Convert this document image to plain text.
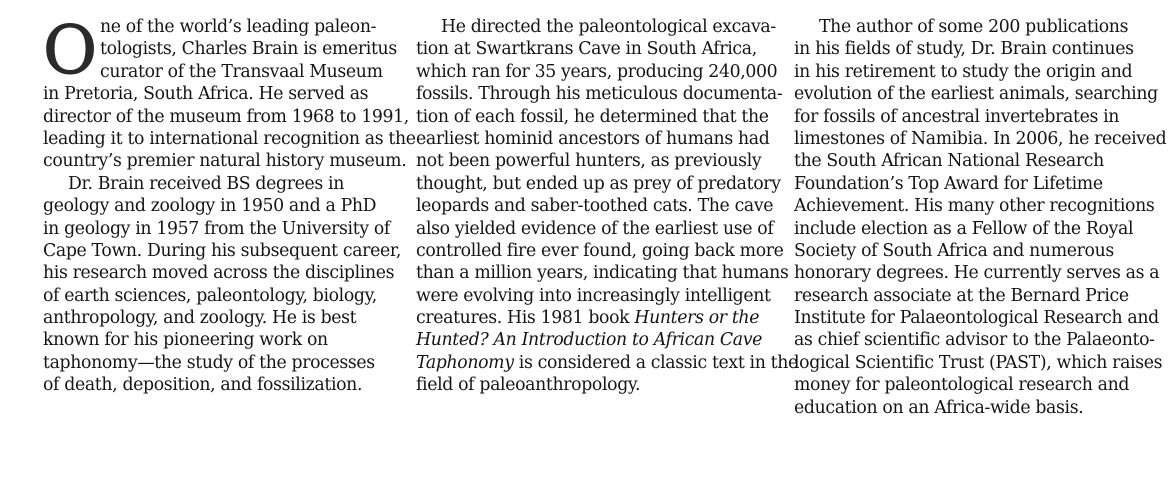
O ne of the world’s leading paleon-
tologists, Charles Brain is emeritus
curator of the Transvaal Museum
in Pretoria, South Africa. He served as
director of the museum from 1968 to 1991,
leading it to international recognition as the
country’s premier natural history museum.
Dr. Brain received BS degrees in
geology and zoology in 1950 and a PhD
in geology in 1957 from the University of
Cape Town. During his subsequent career,
his research moved across the disciplines
of earth sciences, paleontology, biology,
anthropology, and zoology. He is best
known for his pioneering work on
taphonomy—the study of the processes
of death, deposition, and fossilization.
He directed the paleontological excava-
tion at Swartkrans Cave in South Africa,
which ran for 35 years, producing 240,000
fossils. Through his meticulous documenta-
tion of each fossil, he determined that the
earliest hominid ancestors of humans had
not been powerful hunters, as previously
thought, but ended up as prey of predatory
leopards and saber-toothed cats. The cave
also yielded evidence of the earliest use of
controlled fire ever found, going back more
than a million years, indicating that humans
were evolving into increasingly intelligent
creatures. His 1981 book Hunters or the
Hunted? An Introduction to African Cave
Taphonomy is considered a classic text in the
field of paleoanthropology.
The author of some 200 publications
in his fields of study, Dr. Brain continues
in his retirement to study the origin and
evolution of the earliest animals, searching
for fossils of ancestral invertebrates in
limestones of Namibia. In 2006, he received
the South African National Research
Foundation’s Top Award for Lifetime
Achievement. His many other recognitions
include election as a Fellow of the Royal
Society of South Africa and numerous
honorary degrees. He currently serves as a
research associate at the Bernard Price
Institute for Palaeontological Research and
as chief scientific advisor to the Palaeonto-
logical Scientific Trust (PAST), which raises
money for paleontological research and
education on an Africa-wide basis.
